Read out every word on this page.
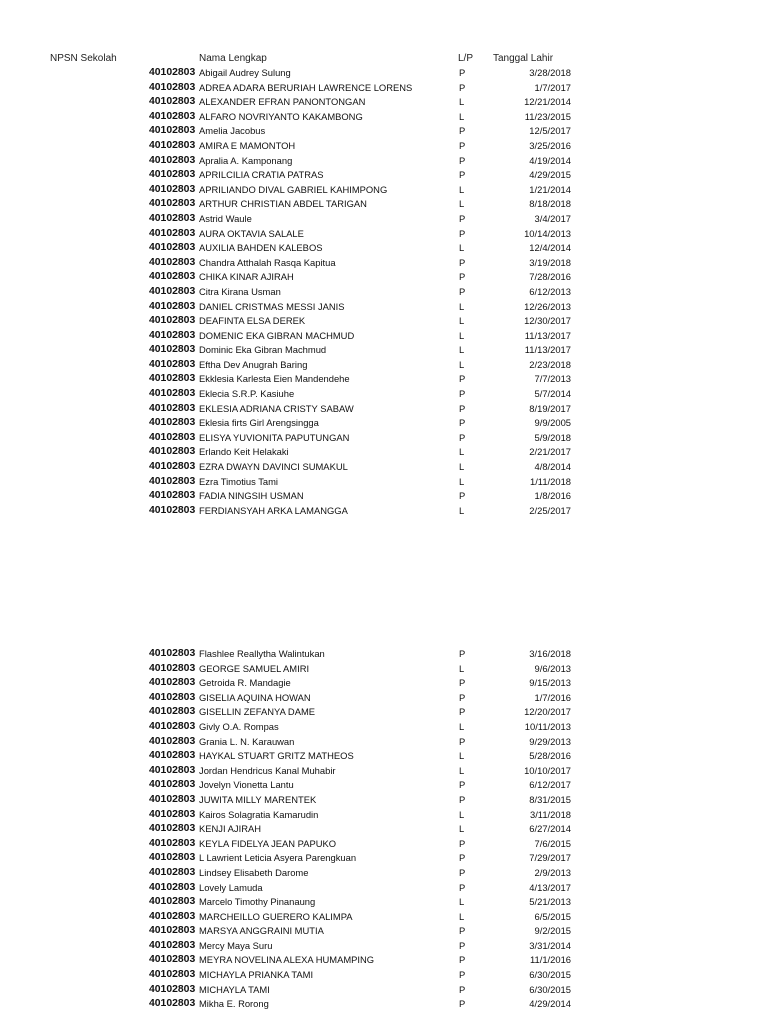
NPSN Sekolah	Nama Lengkap	L/P Tanggal Lahir
40102803 Abigail Audrey Sulung	P	3/28/2018
40102803 ADREA ADARA BERURIAH LAWRENCE LORENS	P	1/7/2017
40102803 ALEXANDER EFRAN PANONTONGAN	L	12/21/2014
40102803 ALFARO NOVRIYANTO KAKAMBONG	L	11/23/2015
40102803 Amelia Jacobus	P	12/5/2017
40102803 AMIRA E MAMONTOH	P	3/25/2016
40102803 Apralia A. Kamponang	P	4/19/2014
40102803 APRILCILIA CRATIA PATRAS	P	4/29/2015
40102803 APRILIANDO DIVAL GABRIEL KAHIMPONG	L	1/21/2014
40102803 ARTHUR CHRISTIAN ABDEL TARIGAN	L	8/18/2018
40102803 Astrid Waule	P	3/4/2017
40102803 AURA OKTAVIA SALALE	P	10/14/2013
40102803 AUXILIA BAHDEN KALEBOS	L	12/4/2014
40102803 Chandra Atthalah Rasqa Kapitua	P	3/19/2018
40102803 CHIKA KINAR AJIRAH	P	7/28/2016
40102803 Citra Kirana Usman	P	6/12/2013
40102803 DANIEL CRISTMAS MESSI JANIS	L	12/26/2013
40102803 DEAFINTA ELSA DEREK	L	12/30/2017
40102803 DOMENIC EKA GIBRAN MACHMUD	L	11/13/2017
40102803 Dominic Eka Gibran Machmud	L	11/13/2017
40102803 Eftha Dev Anugrah Baring	L	2/23/2018
40102803 Ekklesia Karlesta Eien Mandendehe	P	7/7/2013
40102803 Eklecia S.R.P. Kasiuhe	P	5/7/2014
40102803 EKLESIA ADRIANA CRISTY SABAW	P	8/19/2017
40102803 Eklesia firts Girl Arengsingga	P	9/9/2005
40102803 ELISYA YUVIONITA PAPUTUNGAN	P	5/9/2018
40102803 Erlando Keit Helakaki	L	2/21/2017
40102803 EZRA DWAYN DAVINCI SUMAKUL	L	4/8/2014
40102803 Ezra Timotius Tami	L	1/11/2018
40102803 FADIA NINGSIH USMAN	P	1/8/2016
40102803 FERDIANSYAH ARKA LAMANGGA	L	2/25/2017
40102803 Flashlee Reallytha Walintukan	P	3/16/2018
40102803 GEORGE SAMUEL AMIRI	L	9/6/2013
40102803 Getroida R. Mandagie	P	9/15/2013
40102803 GISELIA AQUINA HOWAN	P	1/7/2016
40102803 GISELLIN ZEFANYA DAME	P	12/20/2017
40102803 Givly O.A. Rompas	L	10/11/2013
40102803 Grania L. N. Karauwan	P	9/29/2013
40102803 HAYKAL STUART GRITZ MATHEOS	L	5/28/2016
40102803 Jordan Hendricus Kanal Muhabir	L	10/10/2017
40102803 Jovelyn Vionetta Lantu	P	6/12/2017
40102803 JUWITA MILLY MARENTEK	P	8/31/2015
40102803 Kairos Solagratia Kamarudin	L	3/11/2018
40102803 KENJI AJIRAH	L	6/27/2014
40102803 KEYLA FIDELYA JEAN PAPUKO	P	7/6/2015
40102803 L Lawrient Leticia Asyera Parengkuan	P	7/29/2017
40102803 Lindsey Elisabeth Darome	P	2/9/2013
40102803 Lovely Lamuda	P	4/13/2017
40102803 Marcelo Timothy Pinanaung	L	5/21/2013
40102803 MARCHEILLO GUERERO KALIMPA	L	6/5/2015
40102803 MARSYA ANGGRAINI MUTIA	P	9/2/2015
40102803 Mercy Maya Suru	P	3/31/2014
40102803 MEYRA NOVELINA ALEXA HUMAMPING	P	11/1/2016
40102803 MICHAYLA PRIANKA TAMI	P	6/30/2015
40102803 MICHAYLA TAMI	P	6/30/2015
40102803 Mikha E. Rorong	P	4/29/2014
